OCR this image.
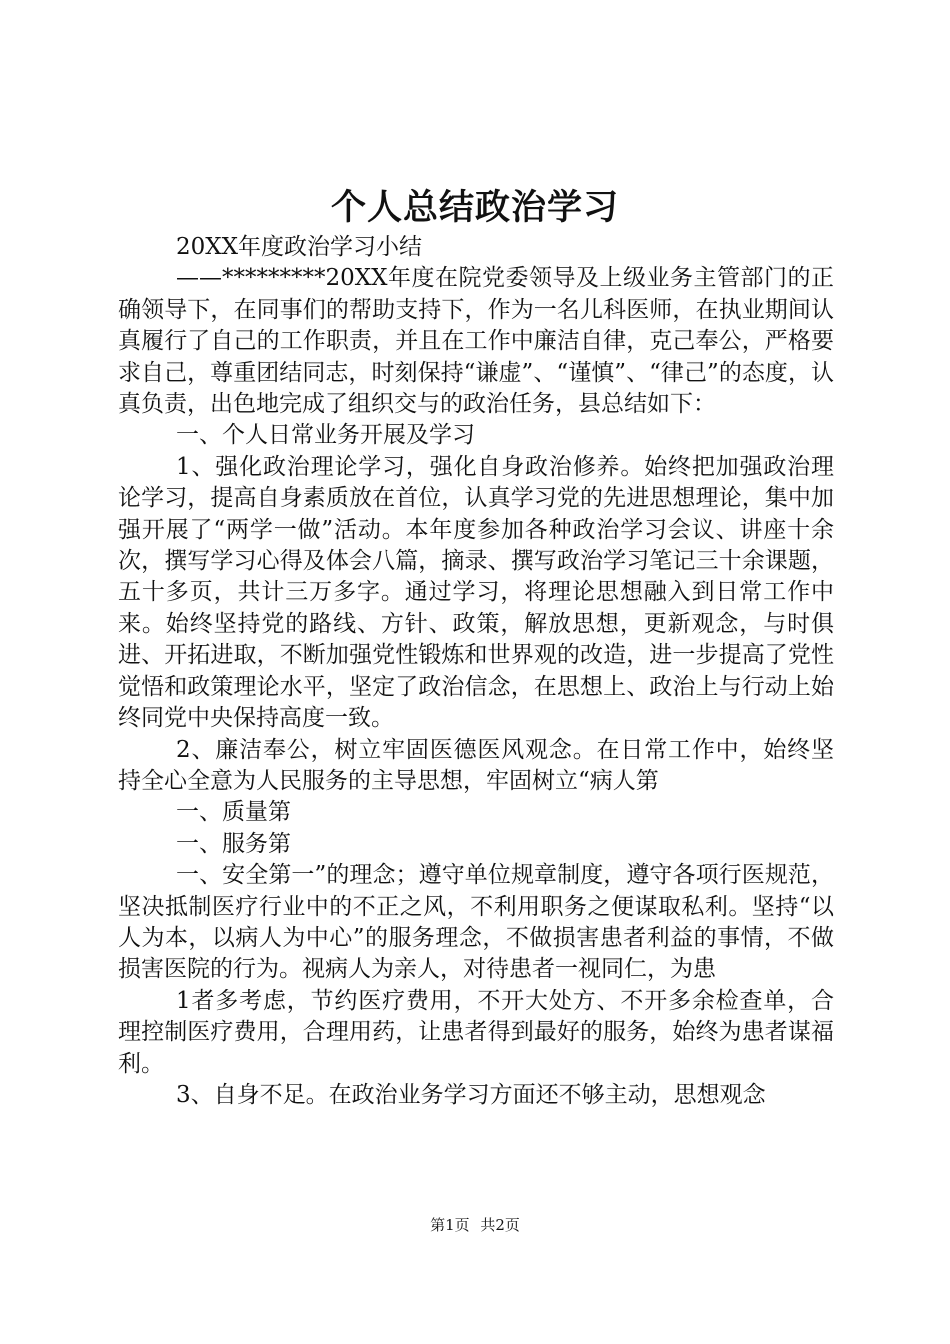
个人总结政治学习

20XX年度政治学习小结

——*********20XX年度在院党委领导及上级业务主管部门的正确领导下，在同事们的帮助支持下，作为一名儿科医师，在执业期间认真履行了自己的工作职责，并且在工作中廉洁自律，克己奉公，严格要求自己，尊重团结同志，时刻保持“谦虚”、“谨慎”、“律己”的态度，认真负责，出色地完成了组织交与的政治任务，县总结如下：

一、个人日常业务开展及学习

1、强化政治理论学习，强化自身政治修养。始终把加强政治理论学习，提高自身素质放在首位，认真学习党的先进思想理论，集中加强开展了“两学一做”活动。本年度参加各种政治学习会议、讲座十余次，撰写学习心得及体会八篇，摘录、撰写政治学习笔记三十余课题，五十多页，共计三万多字。通过学习，将理论思想融入到日常工作中来。始终坚持党的路线、方针、政策，解放思想，更新观念，与时俱进、开拓进取，不断加强党性锻炼和世界观的改造，进一步提高了党性觉悟和政策理论水平，坚定了政治信念，在思想上、政治上与行动上始终同党中央保持高度一致。

2、廉洁奉公，树立牢固医德医风观念。在日常工作中，始终坚持全心全意为人民服务的主导思想，牢固树立“病人第

一、质量第

一、服务第

一、安全第一”的理念；遵守单位规章制度，遵守各项行医规范，坚决抵制医疗行业中的不正之风，不利用职务之便谋取私利。坚持“以人为本，以病人为中心”的服务理念，不做损害患者利益的事情，不做损害医院的行为。视病人为亲人，对待患者一视同仁，为患

1者多考虑，节约医疗费用，不开大处方、不开多余检查单，合理控制医疗费用，合理用药，让患者得到最好的服务，始终为患者谋福利。

3、自身不足。在政治业务学习方面还不够主动，思想观念

第1页 共2页
